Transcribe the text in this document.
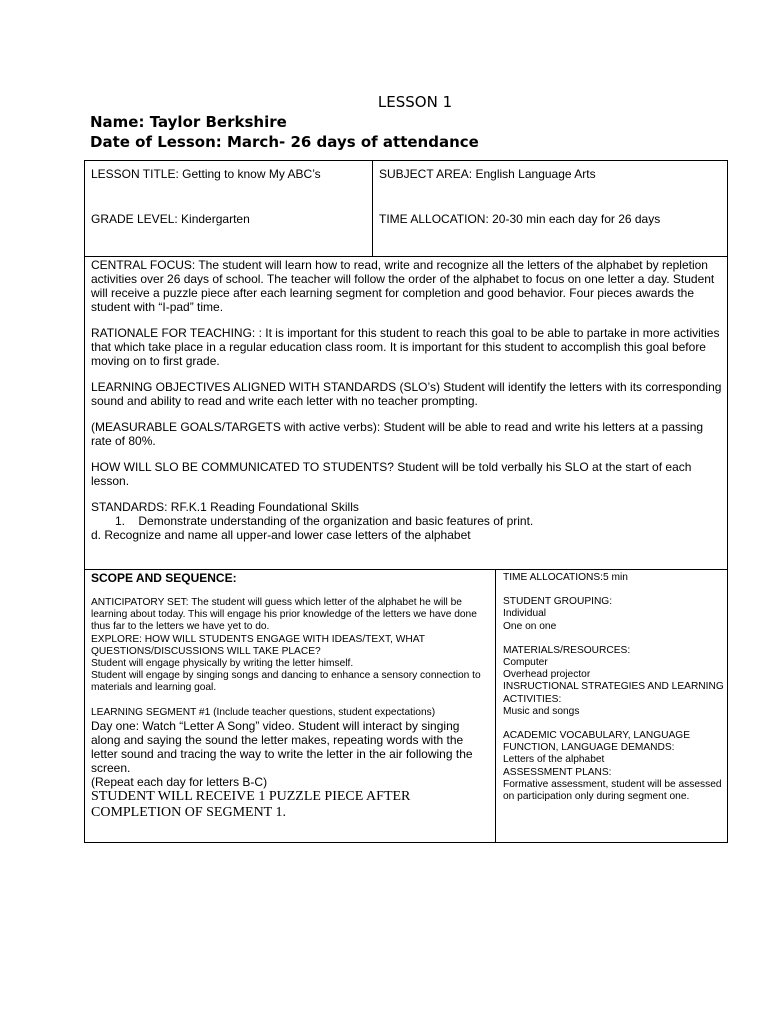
LESSON 1
Name: Taylor Berkshire
Date of Lesson: March- 26 days of attendance
LESSON TITLE: Getting to know My ABC’s	SUBJECT AREA: English Language Arts
GRADE LEVEL: Kindergarten	TIME ALLOCATION: 20-30 min each day for 26 days

CENTRAL FOCUS: The student will learn how to read, write and recognize all the letters of the alphabet by repletion activities over 26 days of school. The teacher will follow the order of the alphabet to focus on one letter a day. Student will receive a puzzle piece after each learning segment for completion and good behavior. Four pieces awards the student with “I-pad” time.

RATIONALE FOR TEACHING: : It is important for this student to reach this goal to be able to partake in more activities that which take place in a regular education class room. It is important for this student to accomplish this goal before moving on to first grade.

LEARNING OBJECTIVES ALIGNED WITH STANDARDS (SLO’s) Student will identify the letters with its corresponding sound and ability to read and write each letter with no teacher prompting.

(MEASURABLE GOALS/TARGETS with active verbs): Student will be able to read and write his letters at a passing rate of 80%.

HOW WILL SLO BE COMMUNICATED TO STUDENTS? Student will be told verbally his SLO at the start of each lesson.

STANDARDS: RF.K.1 Reading Foundational Skills

1. Demonstrate understanding of the organization and basic features of print.

d. Recognize and name all upper-and lower case letters of the alphabet

SCOPE AND SEQUENCE:

ANTICIPATORY SET: The student will guess which letter of the alphabet he will be learning about today. This will engage his prior knowledge of the letters we have done thus far to the letters we have yet to do.

EXPLORE: HOW WILL STUDENTS ENGAGE WITH IDEAS/TEXT, WHAT QUESTIONS/DISCUSSIONS WILL TAKE PLACE?

Student will engage physically by writing the letter himself.

Student will engage by singing songs and dancing to enhance a sensory connection to materials and learning goal.

LEARNING SEGMENT #1 (Include teacher questions, student expectations)

Day one: Watch “Letter A Song” video. Student will interact by singing along and saying the sound the letter makes, repeating words with the letter sound and tracing the way to write the letter in the air following the screen.

(Repeat each day for letters B-C)

STUDENT WILL RECEIVE 1 PUZZLE PIECE AFTER COMPLETION OF SEGMENT 1.

TIME ALLOCATIONS:5 min

STUDENT GROUPING:

Individual

One on one

MATERIALS/RESOURCES:

Computer

Overhead projector

INSRUCTIONAL STRATEGIES AND LEARNING ACTIVITIES:

Music and songs

ACADEMIC VOCABULARY, LANGUAGE FUNCTION, LANGUAGE DEMANDS:

Letters of the alphabet

ASSESSMENT PLANS:

Formative assessment, student will be assessed on participation only during segment one.
